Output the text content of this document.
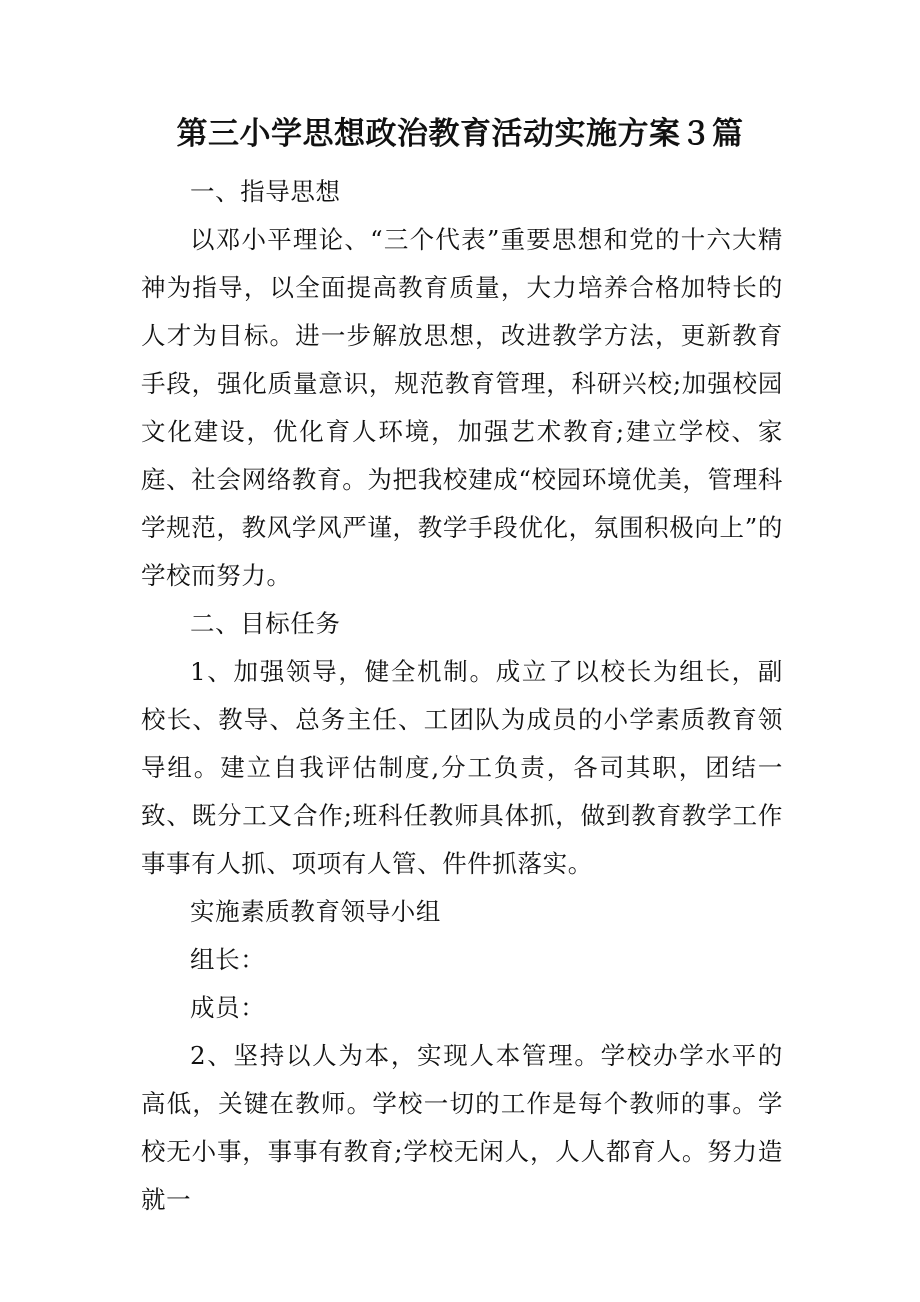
第三小学思想政治教育活动实施方案３篇

一、指导思想

以邓小平理论、“三个代表”重要思想和党的十六大精神为指导，以全面提高教育质量，大力培养合格加特长的人才为目标。进一步解放思想，改进教学方法，更新教育手段，强化质量意识，规范教育管理，科研兴校;加强校园文化建设，优化育人环境，加强艺术教育;建立学校、家庭、社会网络教育。为把我校建成“校园环境优美，管理科学规范，教风学风严谨，教学手段优化，氛围积极向上”的学校而努力。

二、目标任务

1、加强领导，健全机制。成立了以校长为组长，副校长、教导、总务主任、工团队为成员的小学素质教育领导组。建立自我评估制度,分工负责，各司其职，团结一致、既分工又合作;班科任教师具体抓，做到教育教学工作事事有人抓、项项有人管、件件抓落实。

实施素质教育领导小组

组长：

成员：

2、坚持以人为本，实现人本管理。学校办学水平的高低，关键在教师。学校一切的工作是每个教师的事。学校无小事，事事有教育;学校无闲人，人人都育人。努力造就一
